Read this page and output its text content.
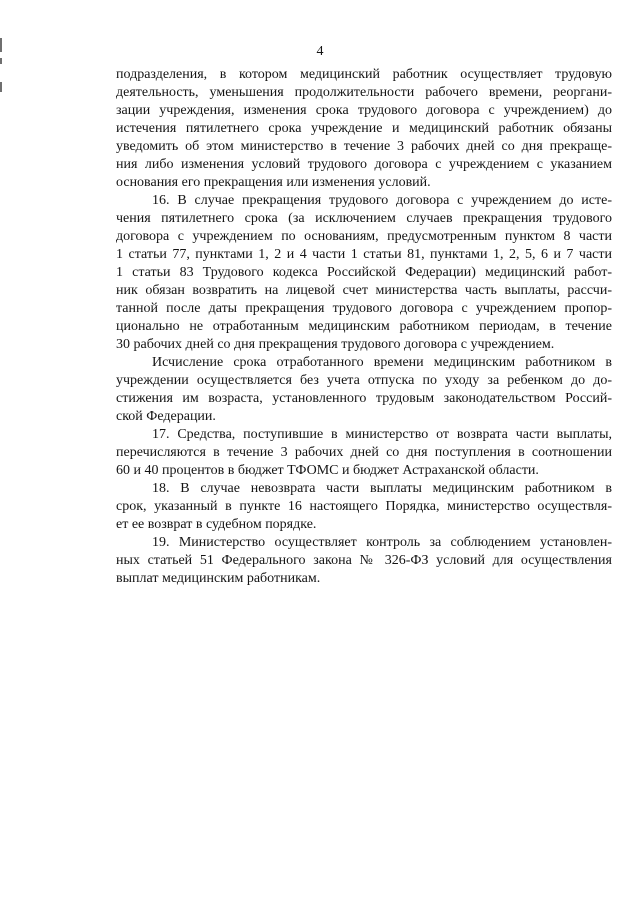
4
подразделения, в котором медицинский работник осуществляет трудовую
деятельность, уменьшения продолжительности рабочего времени, реоргани-
зации учреждения, изменения срока трудового договора с учреждением) до
истечения пятилетнего срока учреждение и медицинский работник обязаны
уведомить об этом министерство в течение 3 рабочих дней со дня прекраще-
ния либо изменения условий трудового договора с учреждением с указанием
основания его прекращения или изменения условий.
16. В случае прекращения трудового договора с учреждением до исте-
чения пятилетнего срока (за исключением случаев прекращения трудового
договора с учреждением по основаниям, предусмотренным пунктом 8 части
1 статьи 77, пунктами 1, 2 и 4 части 1 статьи 81, пунктами 1, 2, 5, 6 и 7 части
1 статьи 83 Трудового кодекса Российской Федерации) медицинский работ-
ник обязан возвратить на лицевой счет министерства часть выплаты, рассчи-
танной после даты прекращения трудового договора с учреждением пропор-
ционально не отработанным медицинским работником периодам, в течение
30 рабочих дней со дня прекращения трудового договора с учреждением.
Исчисление срока отработанного времени медицинским работником в
учреждении осуществляется без учета отпуска по уходу за ребенком до до-
стижения им возраста, установленного трудовым законодательством Россий-
ской Федерации.
17. Средства, поступившие в министерство от возврата части выплаты,
перечисляются в течение 3 рабочих дней со дня поступления в соотношении
60 и 40 процентов в бюджет ТФОМС и бюджет Астраханской области.
18. В случае невозврата части выплаты медицинским работником в
срок, указанный в пункте 16 настоящего Порядка, министерство осуществля-
ет ее возврат в судебном порядке.
19. Министерство осуществляет контроль за соблюдением установлен-
ных статьей 51 Федерального закона № 326-ФЗ условий для осуществления
выплат медицинским работникам.
